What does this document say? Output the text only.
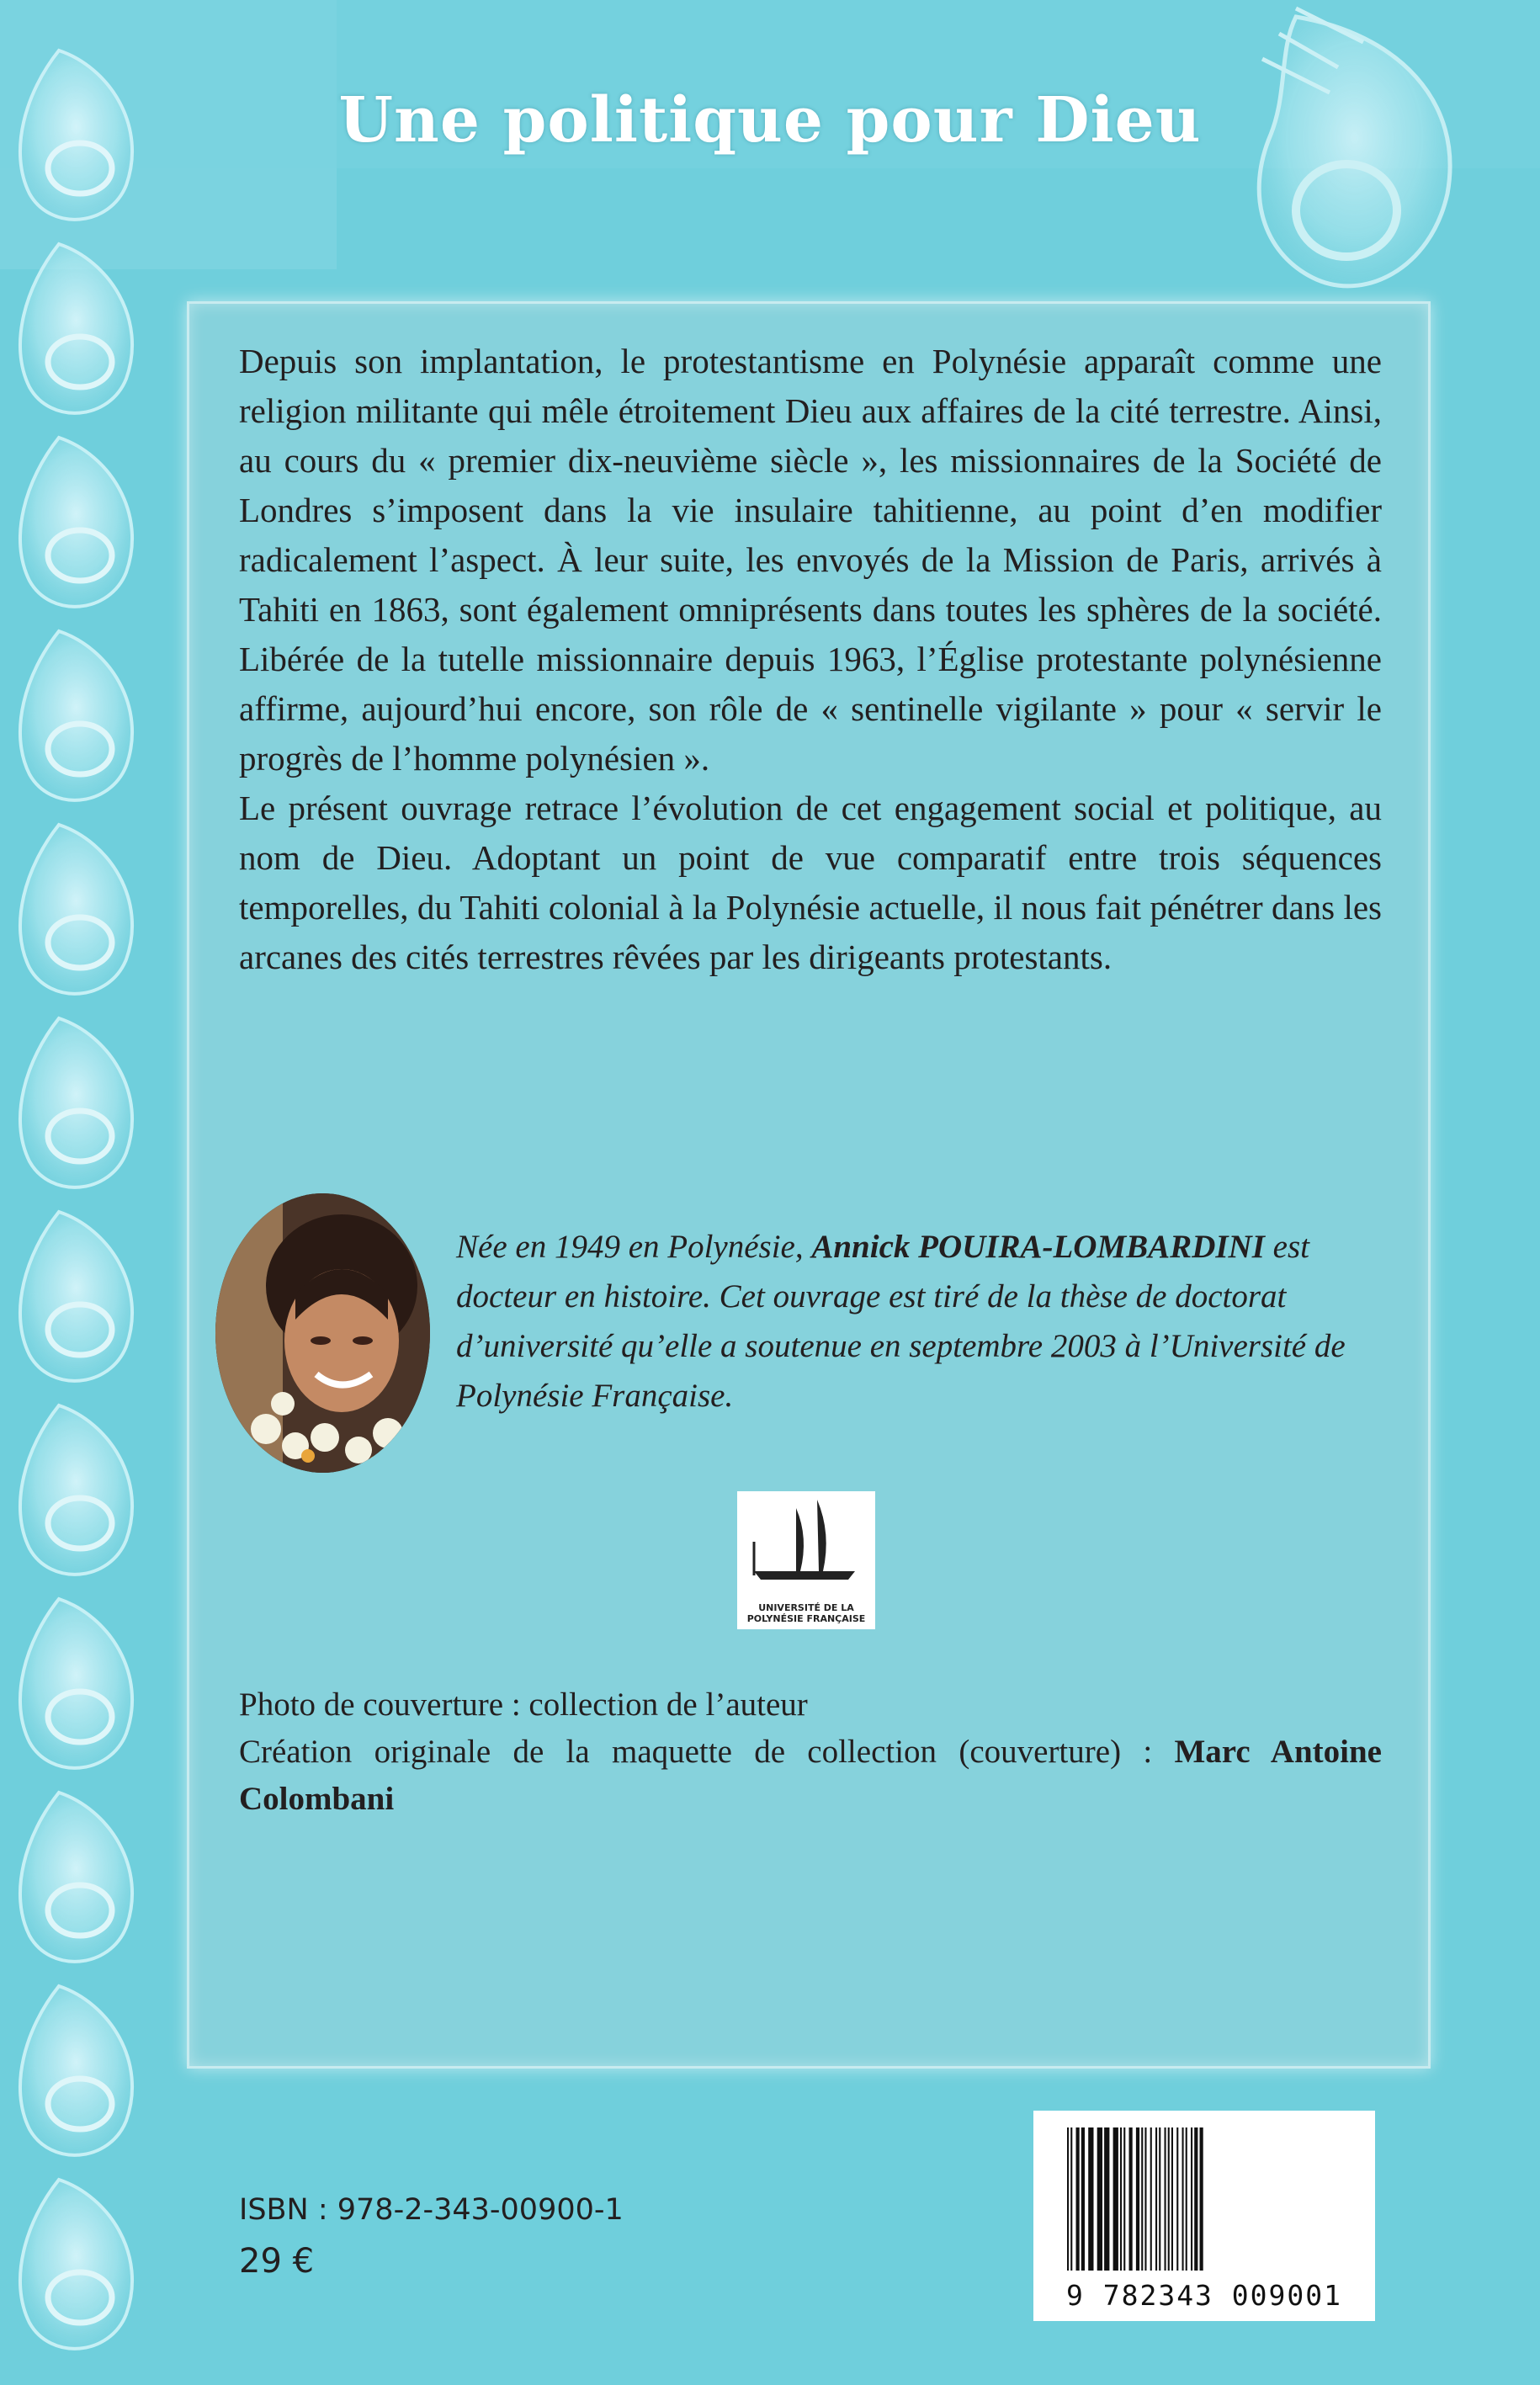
Une politique pour Dieu

Depuis son implantation, le protestantisme en Polynésie apparaît comme une religion militante qui mêle étroitement Dieu aux affaires de la cité terrestre. Ainsi, au cours du « premier dix-neuvième siècle », les missionnaires de la Société de Londres s’imposent dans la vie insulaire tahitienne, au point d’en modifier radicalement l’aspect. À leur suite, les envoyés de la Mission de Paris, arrivés à Tahiti en 1863, sont également omniprésents dans toutes les sphères de la société. Libérée de la tutelle missionnaire depuis 1963, l’Église protestante polynésienne affirme, aujourd’hui encore, son rôle de « sentinelle vigilante » pour « servir le progrès de l’homme polynésien ».

Le présent ouvrage retrace l’évolution de cet engagement social et politique, au nom de Dieu. Adoptant un point de vue comparatif entre trois séquences temporelles, du Tahiti colonial à la Polynésie actuelle, il nous fait pénétrer dans les arcanes des cités terrestres rêvées par les dirigeants protestants.

Née en 1949 en Polynésie, Annick POUIRA-LOMBARDINI est docteur en histoire. Cet ouvrage est tiré de la thèse de doctorat d’université qu’elle a soutenue en septembre 2003 à l’Université de Polynésie Française.

UNIVERSITÉ DE LA
POLYNÉSIE FRANÇAISE

Photo de couverture : collection de l’auteur

Création originale de la maquette de collection (couverture) : Marc Antoine Colombani

ISBN : 978-2-343-00900-1
29 €
9 782343 009001
